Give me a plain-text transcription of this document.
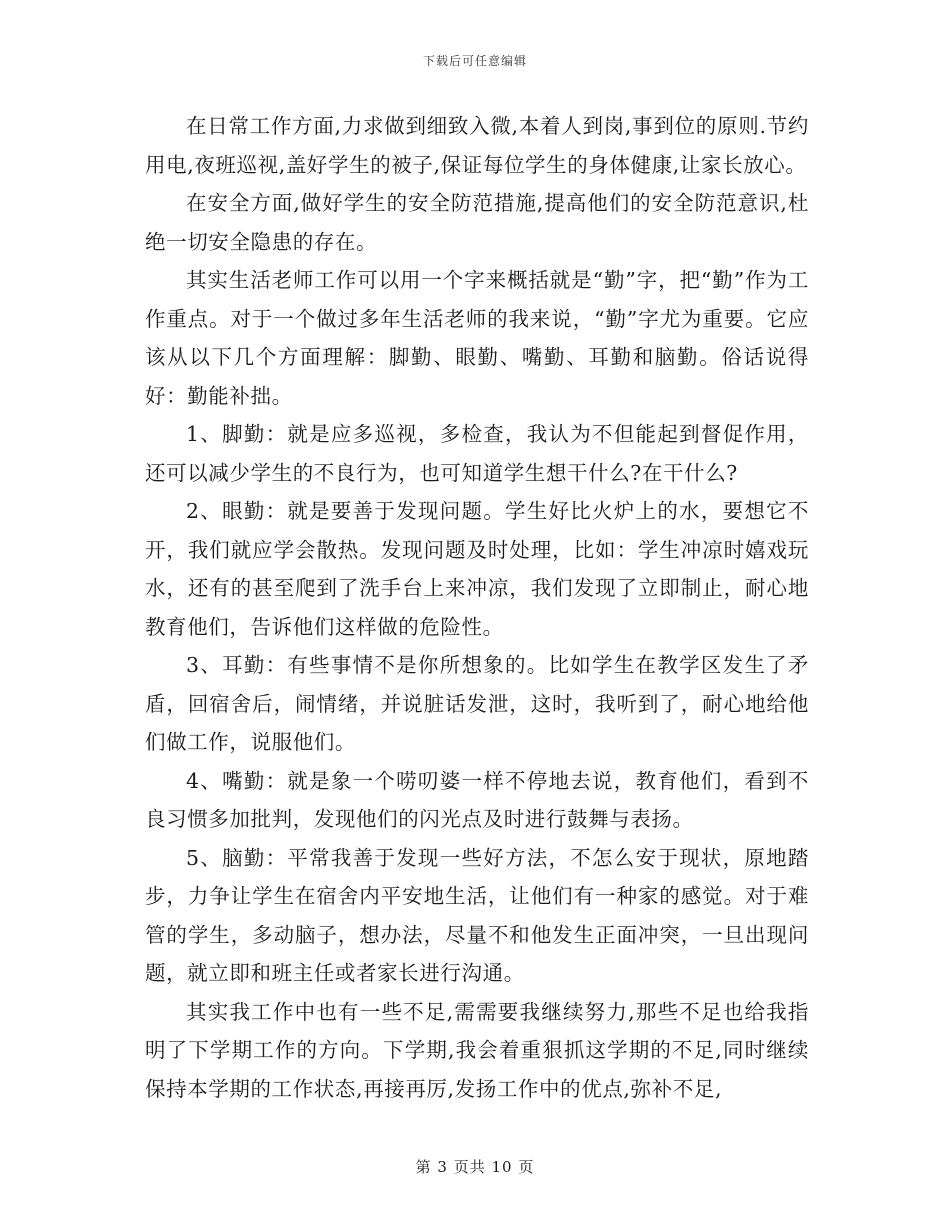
下载后可任意编辑

在日常工作方面,力求做到细致入微,本着人到岗,事到位的原则.节约用电,夜班巡视,盖好学生的被子,保证每位学生的身体健康,让家长放心。

在安全方面,做好学生的安全防范措施,提高他们的安全防范意识,杜绝一切安全隐患的存在。

其实生活老师工作可以用一个字来概括就是“勤”字，把“勤”作为工作重点。对于一个做过多年生活老师的我来说，“勤”字尤为重要。它应该从以下几个方面理解：脚勤、眼勤、嘴勤、耳勤和脑勤。俗话说得好：勤能补拙。

1、脚勤：就是应多巡视，多检查，我认为不但能起到督促作用，还可以减少学生的不良行为，也可知道学生想干什么?在干什么?

2、眼勤：就是要善于发现问题。学生好比火炉上的水，要想它不开，我们就应学会散热。发现问题及时处理，比如：学生冲凉时嬉戏玩水，还有的甚至爬到了洗手台上来冲凉，我们发现了立即制止，耐心地教育他们，告诉他们这样做的危险性。

3、耳勤：有些事情不是你所想象的。比如学生在教学区发生了矛盾，回宿舍后，闹情绪，并说脏话发泄，这时，我听到了，耐心地给他们做工作，说服他们。

4、嘴勤：就是象一个唠叨婆一样不停地去说，教育他们，看到不良习惯多加批判，发现他们的闪光点及时进行鼓舞与表扬。

5、脑勤：平常我善于发现一些好方法，不怎么安于现状，原地踏步，力争让学生在宿舍内平安地生活，让他们有一种家的感觉。对于难管的学生，多动脑子，想办法，尽量不和他发生正面冲突，一旦出现问题，就立即和班主任或者家长进行沟通。

其实我工作中也有一些不足,需需要我继续努力,那些不足也给我指明了下学期工作的方向。下学期,我会着重狠抓这学期的不足,同时继续保持本学期的工作状态,再接再厉,发扬工作中的优点,弥补不足,

第 3 页共 10 页
